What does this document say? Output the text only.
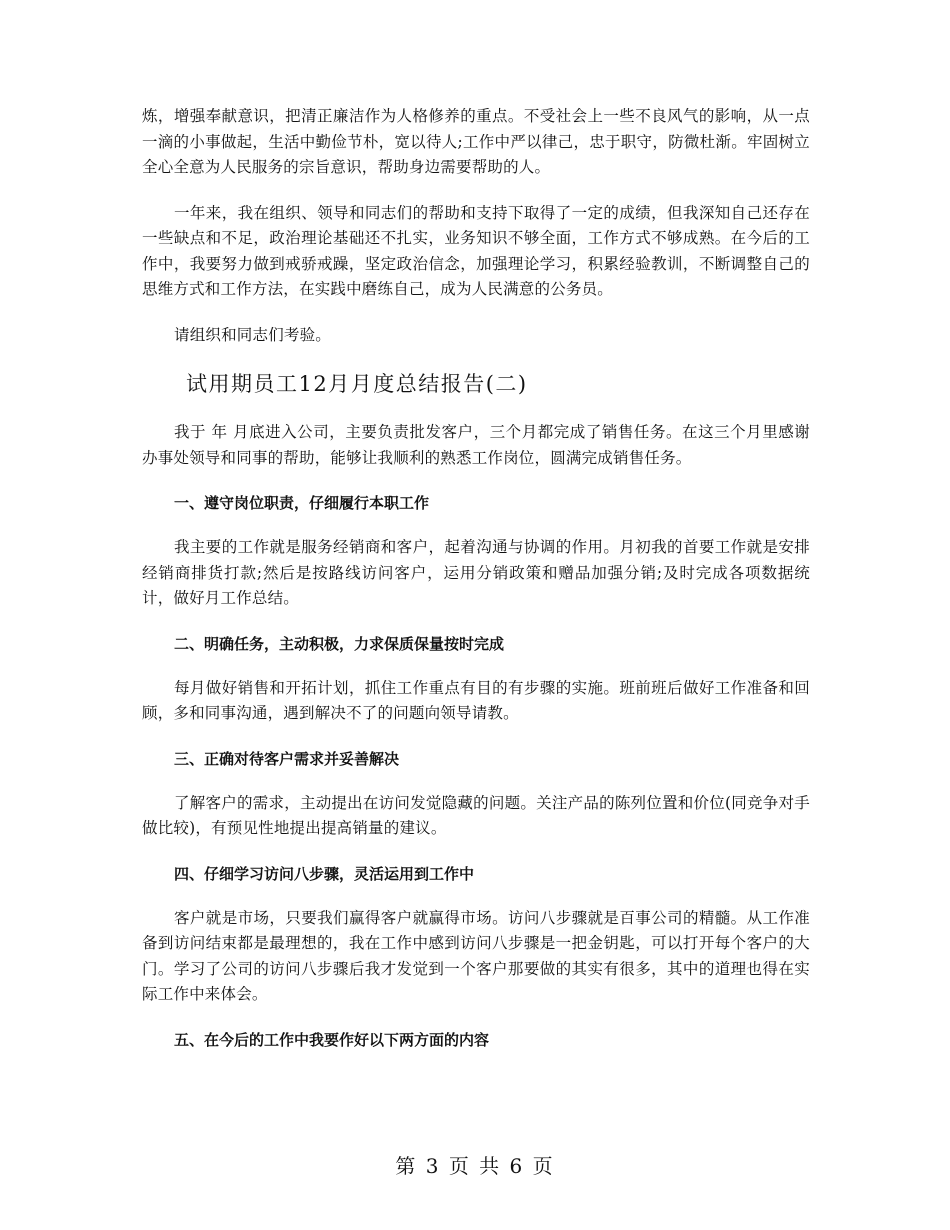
炼，增强奉献意识，把清正廉洁作为人格修养的重点。不受社会上一些不良风气的影响，从一点一滴的小事做起，生活中勤俭节朴，宽以待人;工作中严以律己，忠于职守，防微杜渐。牢固树立全心全意为人民服务的宗旨意识，帮助身边需要帮助的人。

一年来，我在组织、领导和同志们的帮助和支持下取得了一定的成绩，但我深知自己还存在一些缺点和不足，政治理论基础还不扎实，业务知识不够全面，工作方式不够成熟。在今后的工作中，我要努力做到戒骄戒躁，坚定政治信念，加强理论学习，积累经验教训，不断调整自己的思维方式和工作方法，在实践中磨练自己，成为人民满意的公务员。

请组织和同志们考验。

试用期员工12月月度总结报告(二)

我于 年 月底进入公司，主要负责批发客户，三个月都完成了销售任务。在这三个月里感谢办事处领导和同事的帮助，能够让我顺利的熟悉工作岗位，圆满完成销售任务。

一、遵守岗位职责，仔细履行本职工作

我主要的工作就是服务经销商和客户，起着沟通与协调的作用。月初我的首要工作就是安排经销商排货打款;然后是按路线访问客户，运用分销政策和赠品加强分销;及时完成各项数据统计，做好月工作总结。

二、明确任务，主动积极，力求保质保量按时完成

每月做好销售和开拓计划，抓住工作重点有目的有步骤的实施。班前班后做好工作准备和回顾，多和同事沟通，遇到解决不了的问题向领导请教。

三、正确对待客户需求并妥善解决

了解客户的需求，主动提出在访问发觉隐藏的问题。关注产品的陈列位置和价位(同竞争对手做比较)，有预见性地提出提高销量的建议。

四、仔细学习访问八步骤，灵活运用到工作中

客户就是市场，只要我们赢得客户就赢得市场。访问八步骤就是百事公司的精髓。从工作准备到访问结束都是最理想的，我在工作中感到访问八步骤是一把金钥匙，可以打开每个客户的大门。学习了公司的访问八步骤后我才发觉到一个客户那要做的其实有很多，其中的道理也得在实际工作中来体会。

五、在今后的工作中我要作好以下两方面的内容
第 3 页 共 6 页
